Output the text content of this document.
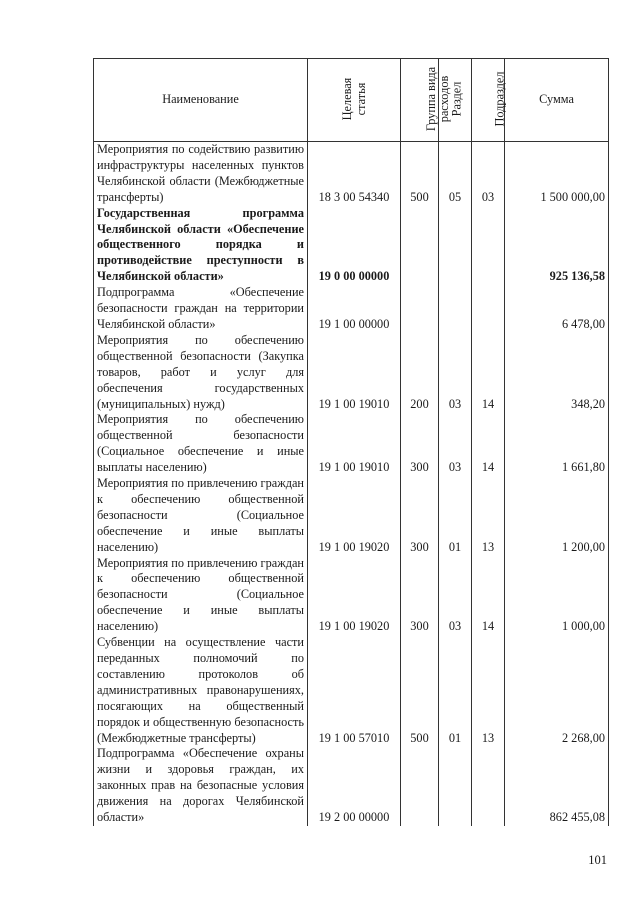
Наименование	Целевая статья	Группа вида расходов	Раздел	Подраздел	Сумма
Мероприятия по содействию развитию инфраструктуры населенных пунктов Челябинской области (Межбюджетные трансферты)	18 3 00 54340	500	05	03	1 500 000,00
Государственная программа Челябинской области «Обеспечение общественного порядка и противодействие преступности в Челябинской области»	19 0 00 00000				925 136,58
Подпрограмма «Обеспечение безопасности граждан на территории Челябинской области»	19 1 00 00000				6 478,00
Мероприятия по обеспечению общественной безопасности (Закупка товаров, работ и услуг для обеспечения государственных (муниципальных) нужд)	19 1 00 19010	200	03	14	348,20
Мероприятия по обеспечению общественной безопасности (Социальное обеспечение и иные выплаты населению)	19 1 00 19010	300	03	14	1 661,80
Мероприятия по привлечению граждан к обеспечению общественной безопасности (Социальное обеспечение и иные выплаты населению)	19 1 00 19020	300	01	13	1 200,00
Мероприятия по привлечению граждан к обеспечению общественной безопасности (Социальное обеспечение и иные выплаты населению)	19 1 00 19020	300	03	14	1 000,00
Субвенции на осуществление части переданных полномочий по составлению протоколов об административных правонарушениях, посягающих на общественный порядок и общественную безопасность (Межбюджетные трансферты)	19 1 00 57010	500	01	13	2 268,00
Подпрограмма «Обеспечение охраны жизни и здоровья граждан, их законных прав на безопасные условия движения на дорогах Челябинской области»	19 2 00 00000				862 455,08
101
